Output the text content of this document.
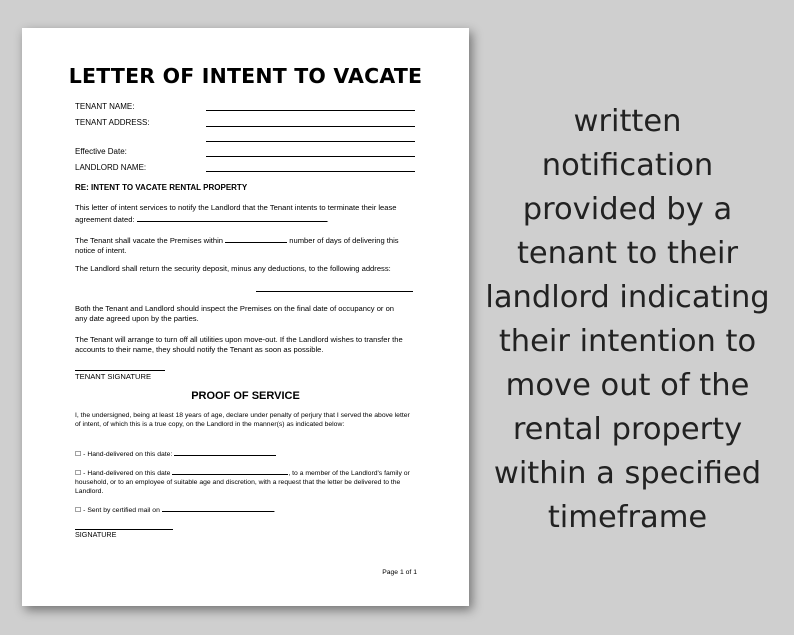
LETTER OF INTENT TO VACATE
TENANT NAME:
TENANT ADDRESS:
Effective Date:
LANDLORD NAME:
RE: INTENT TO VACATE RENTAL PROPERTY
This letter of intent services to notify the Landlord that the Tenant intents to terminate their lease agreement dated:	.
The Tenant shall vacate the Premises within	number of days of delivering this notice of intent.
The Landlord shall return the security deposit, minus any deductions, to the following address:
Both the Tenant and Landlord should inspect the Premises on the final date of occupancy or on any date agreed upon by the parties.
The Tenant will arrange to turn off all utilities upon move-out. If the Landlord wishes to transfer the accounts to their name, they should notify the Tenant as soon as possible.
TENANT SIGNATURE
PROOF OF SERVICE
I, the undersigned, being at least 18 years of age, declare under penalty of perjury that I served the above letter of intent, of which this is a true copy, on the Landlord in the manner(s) as indicated below:
☐ - Hand-delivered on this date:
☐ - Hand-delivered on this date	, to a member of the Landlord's family or household, or to an employee of suitable age and discretion, with a request that the letter be delivered to the Landlord.
☐ - Sent by certified mail on	.
SIGNATURE
Page 1 of 1
written
notification
provided by a
tenant to their
landlord indicating
their intention to
move out of the
rental property
within a specified
timeframe
